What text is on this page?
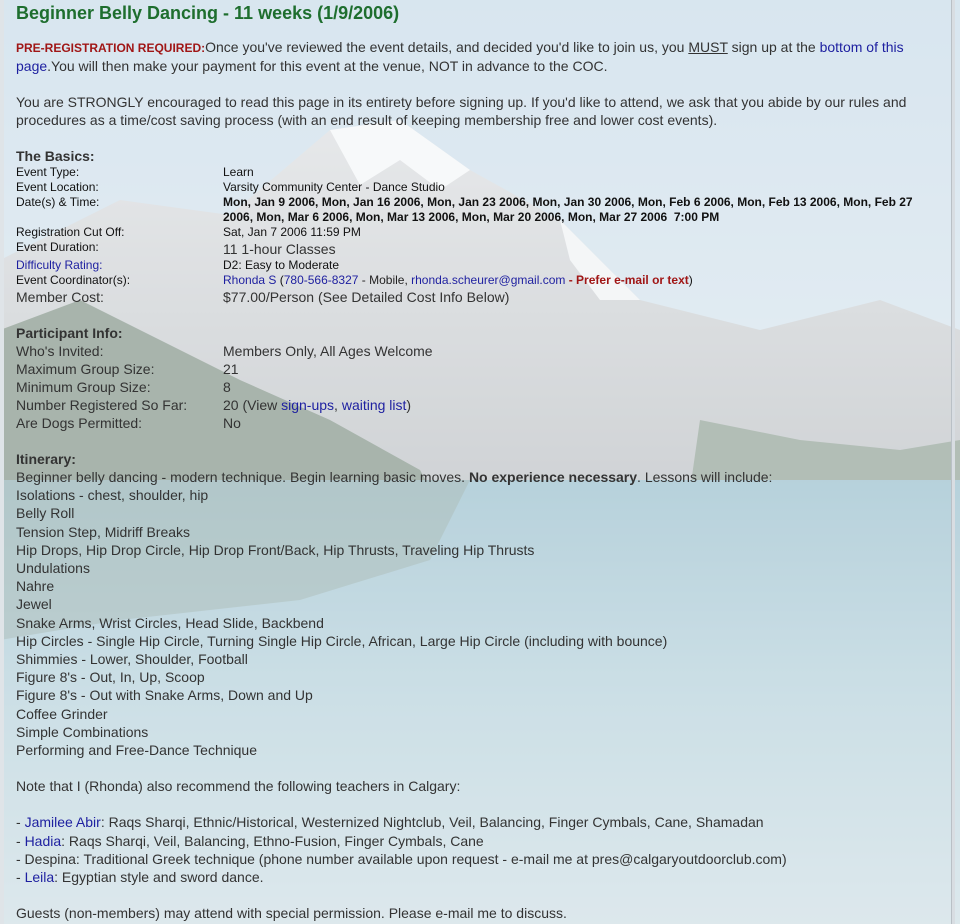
Beginner Belly Dancing - 11 weeks (1/9/2006)

PRE-REGISTRATION REQUIRED:Once you've reviewed the event details, and decided you'd like to join us, you MUST sign up at the bottom of this page.You will then make your payment for this event at the venue, NOT in advance to the COC.

You are STRONGLY encouraged to read this page in its entirety before signing up. If you'd like to attend, we ask that you abide by our rules and procedures as a time/cost saving process (with an end result of keeping membership free and lower cost events).

The Basics:
Event Type:	Learn
Event Location:	Varsity Community Center - Dance Studio
Date(s) & Time:	Mon, Jan 9 2006, Mon, Jan 16 2006, Mon, Jan 23 2006, Mon, Jan 30 2006, Mon, Feb 6 2006, Mon, Feb 13 2006, Mon, Feb 27
2006, Mon, Mar 6 2006, Mon, Mar 13 2006, Mon, Mar 20 2006, Mon, Mar 27 2006  7:00 PM
Registration Cut Off:	Sat, Jan 7 2006 11:59 PM
Event Duration:	11 1-hour Classes
Difficulty Rating:	D2: Easy to Moderate
Event Coordinator(s):	Rhonda S (780-566-8327 - Mobile, rhonda.scheurer@gmail.com - Prefer e-mail or text)
Member Cost:	$77.00/Person (See Detailed Cost Info Below)
Participant Info:
Who's Invited:	Members Only, All Ages Welcome
Maximum Group Size:	21
Minimum Group Size:	8
Number Registered So Far:	20 (View sign-ups, waiting list)
Are Dogs Permitted:	No
Itinerary:
Beginner belly dancing - modern technique. Begin learning basic moves. No experience necessary. Lessons will include:
Isolations - chest, shoulder, hip
Belly Roll
Tension Step, Midriff Breaks
Hip Drops, Hip Drop Circle, Hip Drop Front/Back, Hip Thrusts, Traveling Hip Thrusts
Undulations
Nahre
Jewel
Snake Arms, Wrist Circles, Head Slide, Backbend
Hip Circles - Single Hip Circle, Turning Single Hip Circle, African, Large Hip Circle (including with bounce)
Shimmies - Lower, Shoulder, Football
Figure 8's - Out, In, Up, Scoop
Figure 8's - Out with Snake Arms, Down and Up
Coffee Grinder
Simple Combinations
Performing and Free-Dance Technique
Note that I (Rhonda) also recommend the following teachers in Calgary:
- Jamilee Abir: Raqs Sharqi, Ethnic/Historical, Westernized Nightclub, Veil, Balancing, Finger Cymbals, Cane, Shamadan
- Hadia: Raqs Sharqi, Veil, Balancing, Ethno-Fusion, Finger Cymbals, Cane
- Despina: Traditional Greek technique (phone number available upon request - e-mail me at pres@calgaryoutdoorclub.com)
- Leila: Egyptian style and sword dance.
Guests (non-members) may attend with special permission. Please e-mail me to discuss.
